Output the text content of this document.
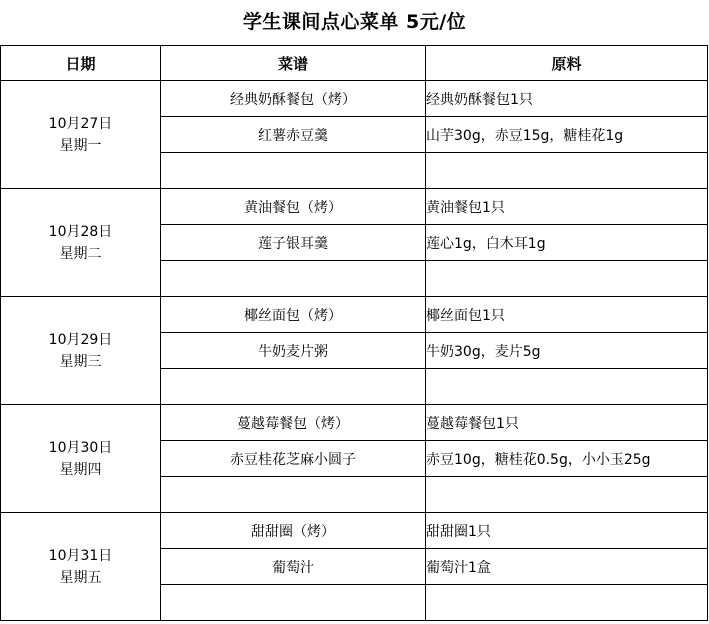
学生课间点心菜单 5元/位
日期	菜谱	原料

10月27日
星期一	经典奶酥餐包（烤）	经典奶酥餐包1只
	红薯赤豆羹	山芋30g，赤豆15g，糖桂花1g

10月28日
星期二	黄油餐包（烤）	黄油餐包1只
	莲子银耳羹	莲心1g，白木耳1g

10月29日
星期三	椰丝面包（烤）	椰丝面包1只
	牛奶麦片粥	牛奶30g，麦片5g

10月30日
星期四	蔓越莓餐包（烤）	蔓越莓餐包1只
	赤豆桂花芝麻小圆子	赤豆10g，糖桂花0.5g，小小玉25g

10月31日
星期五	甜甜圈（烤）	甜甜圈1只
	葡萄汁	葡萄汁1盒
